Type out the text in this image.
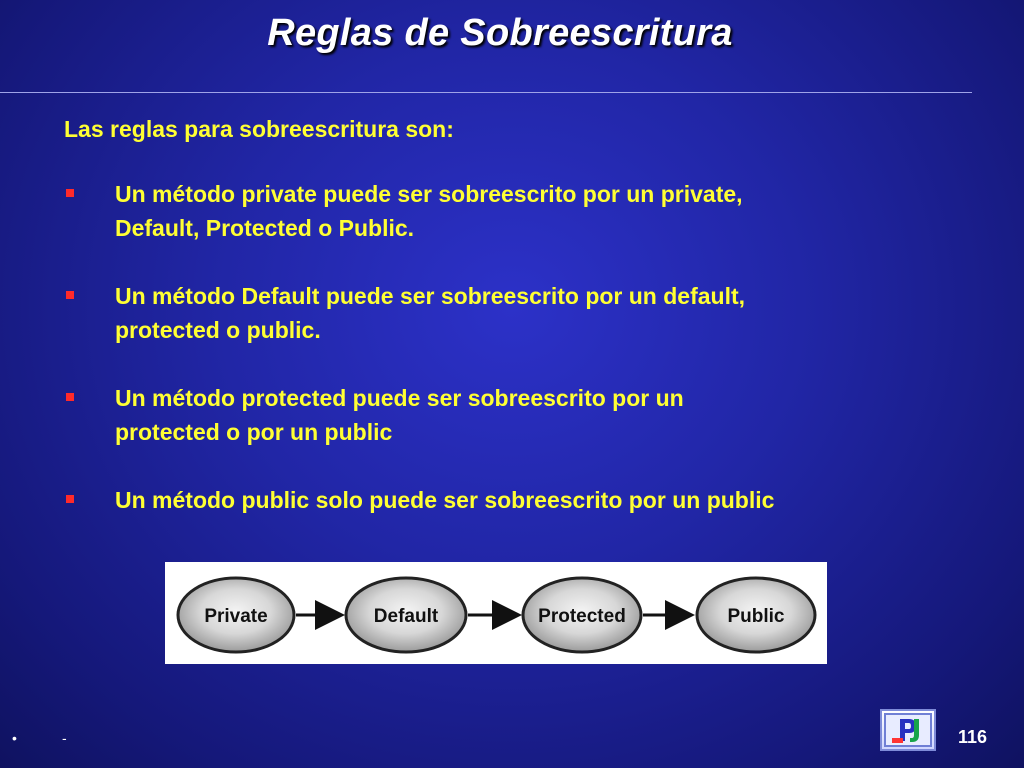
Reglas de Sobreescritura
Las reglas para sobreescritura son:
Un método private puede ser sobreescrito por un private,
Default, Protected o Public.
Un método Default puede ser sobreescrito por un default,
protected o public.
Un método protected puede ser sobreescrito por un
protected o por un public
Un método public solo puede ser sobreescrito por un public
Private	Default	Protected	Public
•	-	116
